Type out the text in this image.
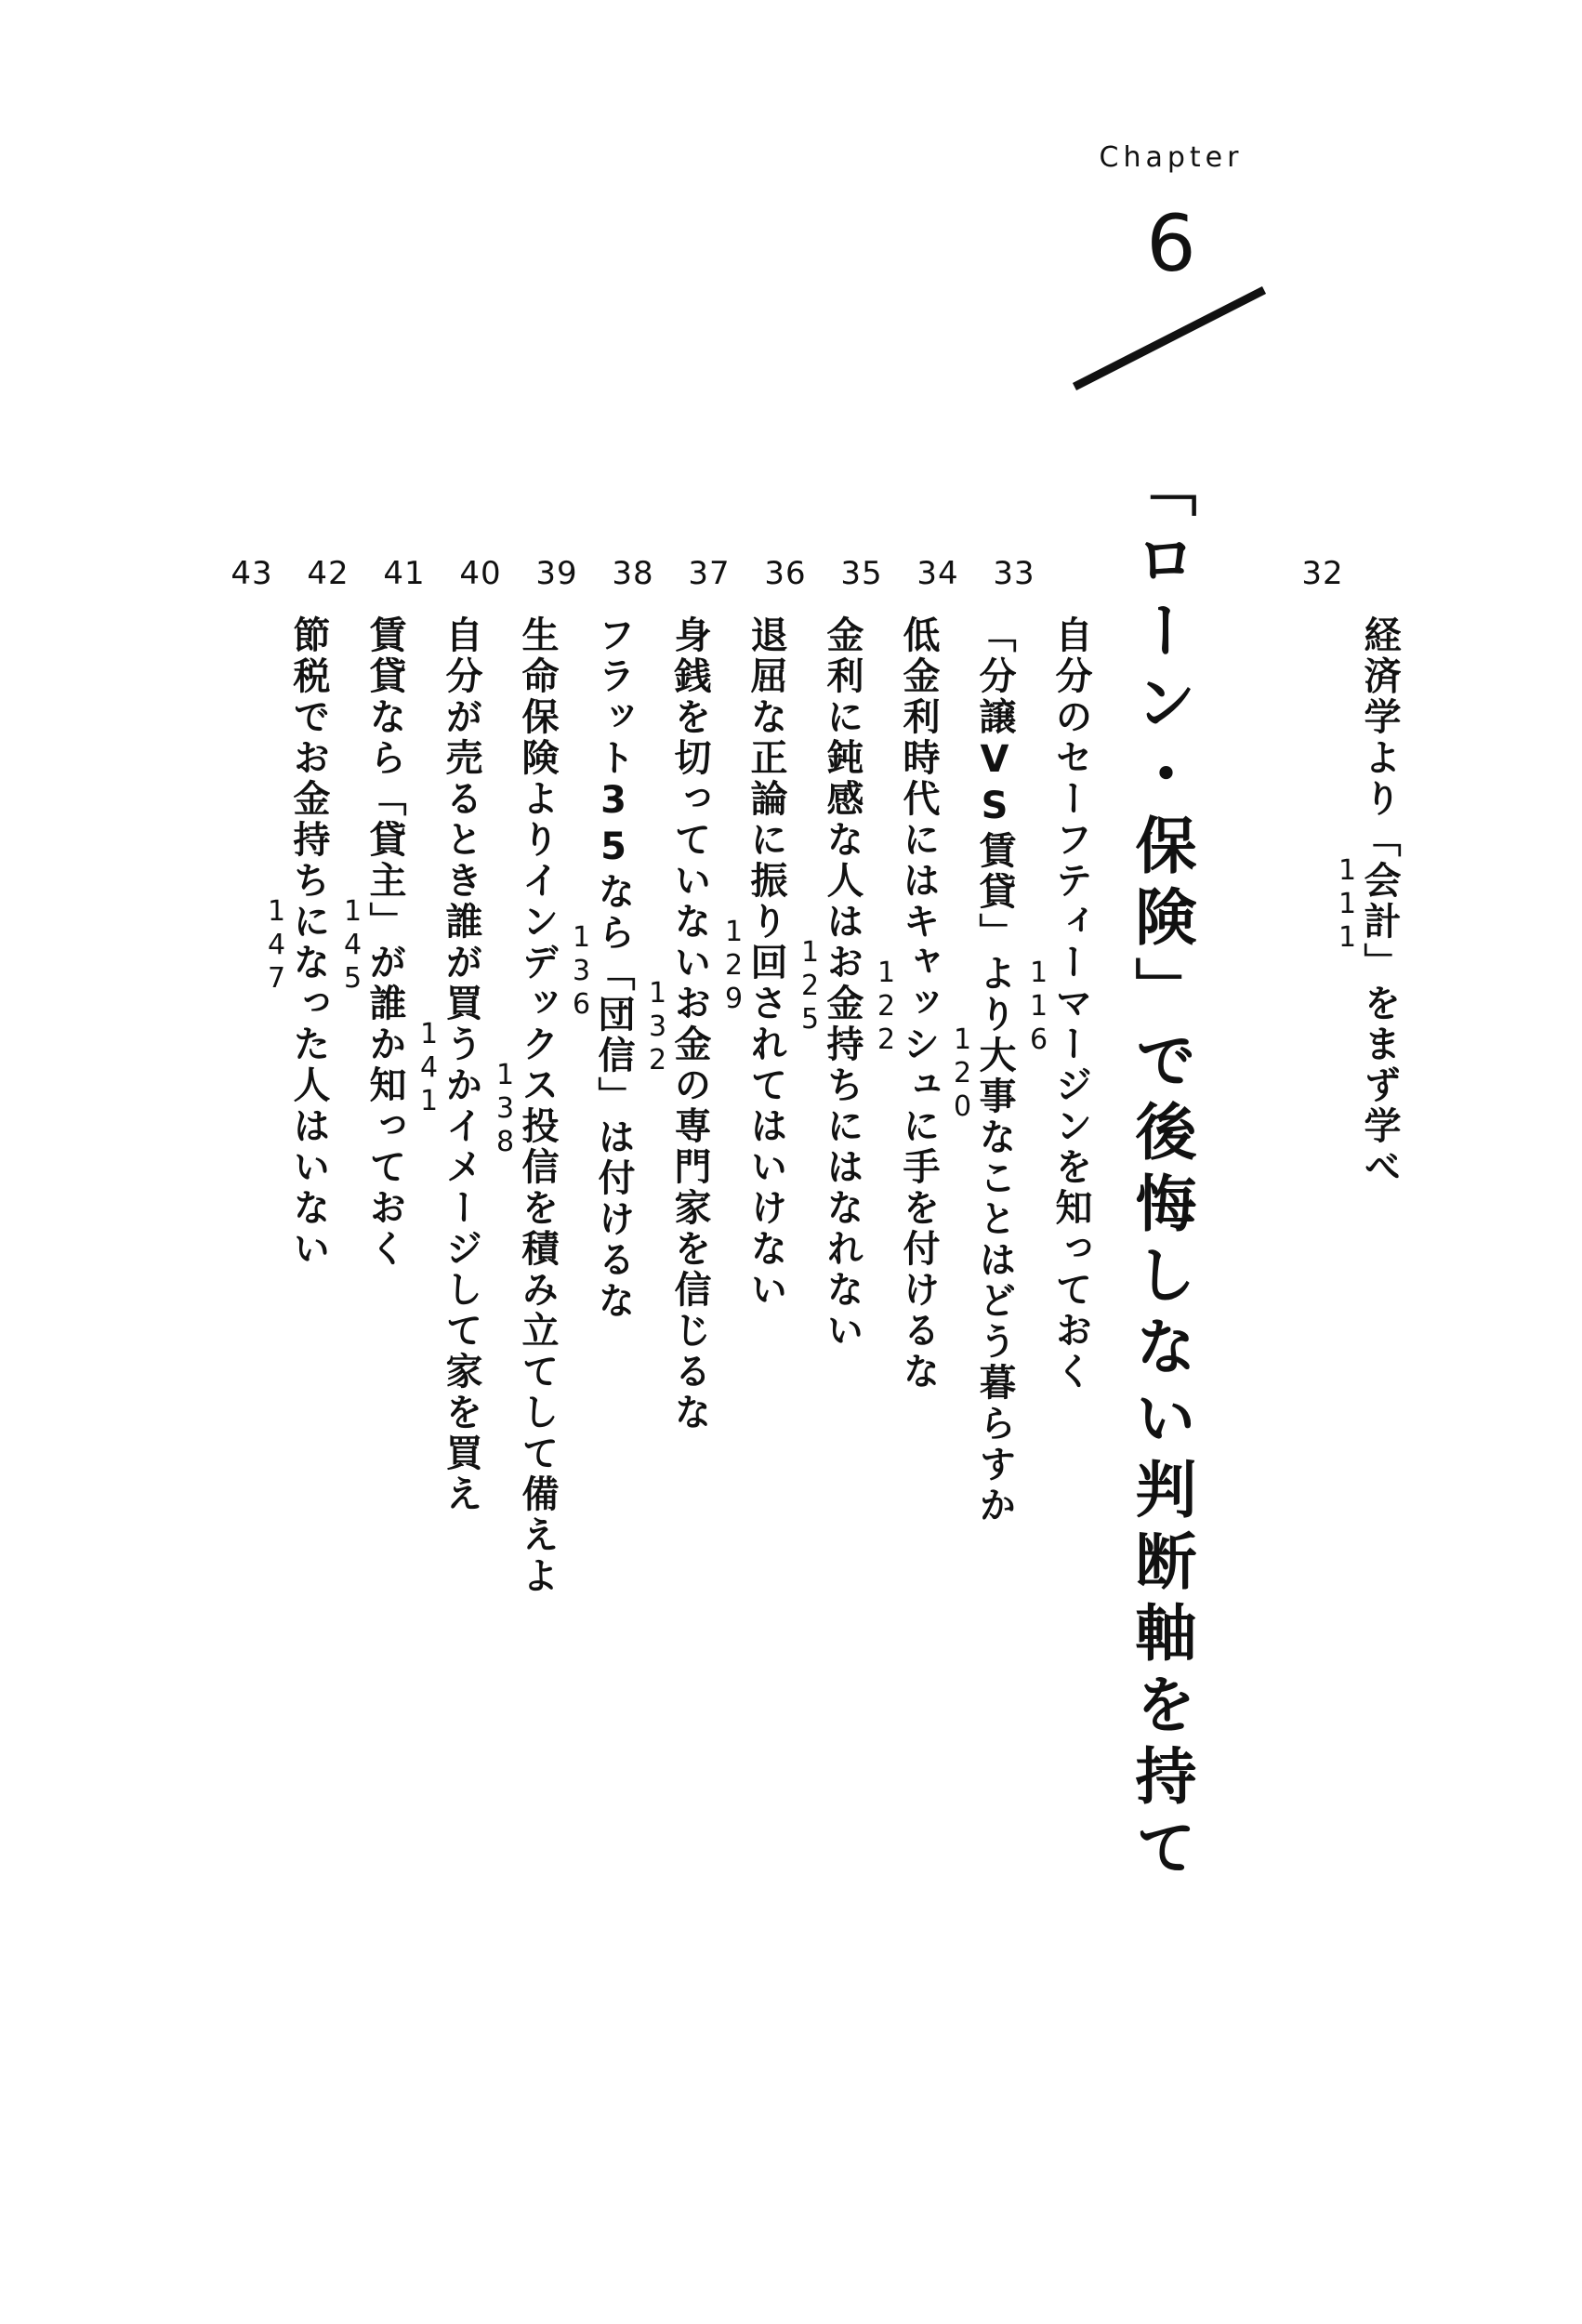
Chapter
6
「ローン・保険」で後悔しない判断軸を持て	32
経済学より「会計」をまず学べ
111
33
自分のセーフティーマージンを知っておく
116
34
「分譲VS賃貸」より大事なことはどう暮らすか
120
35
低金利時代にはキャッシュに手を付けるな
122
36
金利に鈍感な人はお金持ちにはなれない
125
37
退屈な正論に振り回されてはいけない
129
38
身銭を切っていないお金の専門家を信じるな
132
39
フラット35なら「団信」は付けるな
136
40
生命保険よりインデックス投信を積み立てして備えよ
138
41
自分が売るとき誰が買うかイメージして家を買え
141
42
賃貸なら「貸主」が誰か知っておく
145
43
節税でお金持ちになった人はいない
147
